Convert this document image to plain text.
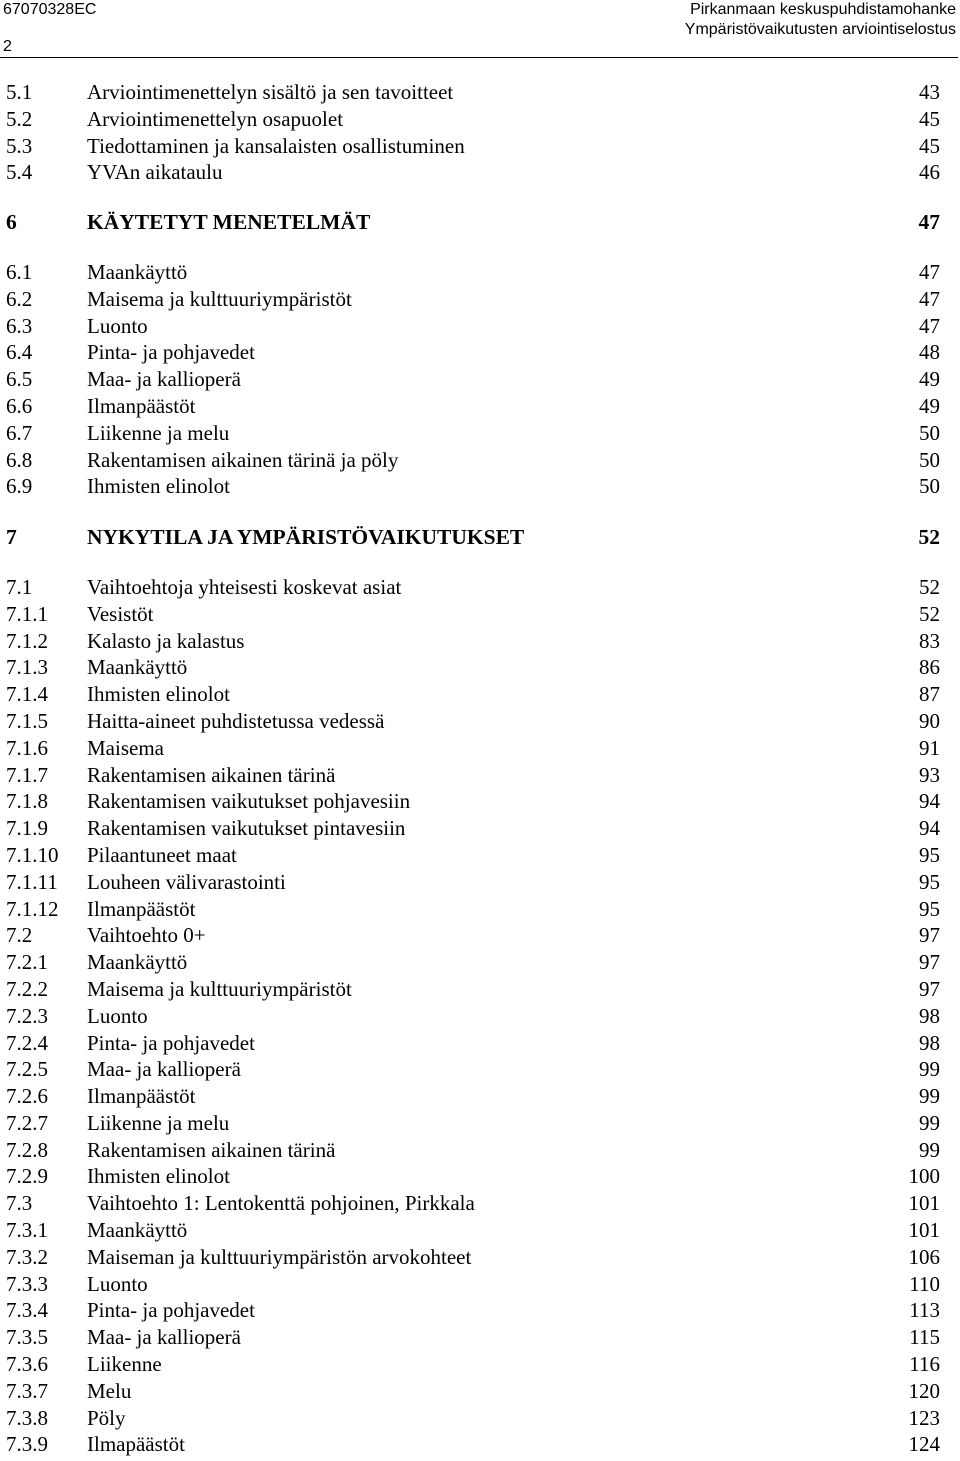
67070328EC
2
Pirkanmaan keskuspuhdistamohanke
Ympäristövaikutusten arviointiselostus
5.1	Arviointimenettelyn sisältö ja sen tavoitteet	43
5.2	Arviointimenettelyn osapuolet	45
5.3	Tiedottaminen ja kansalaisten osallistuminen	45
5.4	YVAn aikataulu	46
6	KÄYTETYT MENETELMÄT	47
6.1	Maankäyttö	47
6.2	Maisema ja kulttuuriympäristöt	47
6.3	Luonto	47
6.4	Pinta- ja pohjavedet	48
6.5	Maa- ja kallioperä	49
6.6	Ilmanpäästöt	49
6.7	Liikenne ja melu	50
6.8	Rakentamisen aikainen tärinä ja pöly	50
6.9	Ihmisten elinolot	50
7	NYKYTILA JA YMPÄRISTÖVAIKUTUKSET	52
7.1	Vaihtoehtoja yhteisesti koskevat asiat	52
7.1.1 Vesistöt	52
7.1.2 Kalasto ja kalastus	83
7.1.3 Maankäyttö	86
7.1.4 Ihmisten elinolot	87
7.1.5 Haitta-aineet puhdistetussa vedessä	90
7.1.6 Maisema	91
7.1.7 Rakentamisen aikainen tärinä	93
7.1.8 Rakentamisen vaikutukset pohjavesiin	94
7.1.9 Rakentamisen vaikutukset pintavesiin	94
7.1.10 Pilaantuneet maat	95
7.1.11 Louheen välivarastointi	95
7.1.12 Ilmanpäästöt	95
7.2	Vaihtoehto 0+	97
7.2.1 Maankäyttö	97
7.2.2 Maisema ja kulttuuriympäristöt	97
7.2.3 Luonto	98
7.2.4 Pinta- ja pohjavedet	98
7.2.5 Maa- ja kallioperä	99
7.2.6 Ilmanpäästöt	99
7.2.7 Liikenne ja melu	99
7.2.8 Rakentamisen aikainen tärinä	99
7.2.9 Ihmisten elinolot	100
7.3	Vaihtoehto 1: Lentokenttä pohjoinen, Pirkkala	101
7.3.1 Maankäyttö	101
7.3.2 Maiseman ja kulttuuriympäristön arvokohteet	106
7.3.3 Luonto	110
7.3.4 Pinta- ja pohjavedet	113
7.3.5 Maa- ja kallioperä	115
7.3.6 Liikenne	116
7.3.7 Melu	120
7.3.8 Pöly	123
7.3.9 Ilmapäästöt	124
